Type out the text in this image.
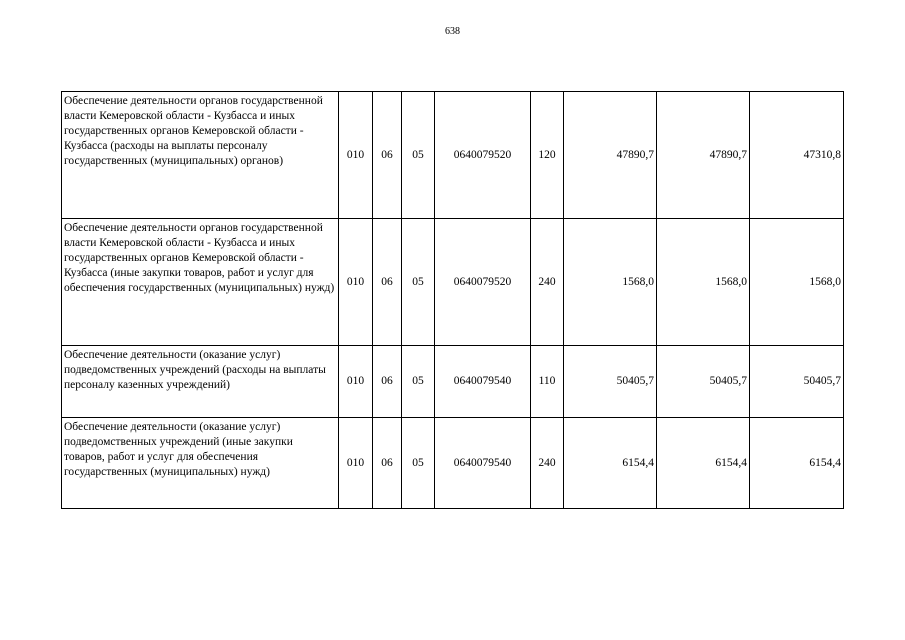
638
Обеспечение деятельности органов государственной власти Кемеровской области - Кузбасса и иных государственных органов Кемеровской области - Кузбасса (расходы на выплаты персоналу государственных (муниципальных) органов)	010	06	05	0640079520	120	47890,7	47890,7	47310,8
Обеспечение деятельности органов государственной власти Кемеровской области - Кузбасса и иных государственных органов Кемеровской области - Кузбасса (иные закупки товаров, работ и услуг для обеспечения государственных (муниципальных) нужд)	010	06	05	0640079520	240	1568,0	1568,0	1568,0
Обеспечение деятельности (оказание услуг) подведомственных учреждений (расходы на выплаты персоналу казенных учреждений)	010	06	05	0640079540	110	50405,7	50405,7	50405,7
Обеспечение деятельности (оказание услуг) подведомственных учреждений (иные закупки товаров, работ и услуг для обеспечения государственных (муниципальных) нужд)	010	06	05	0640079540	240	6154,4	6154,4	6154,4
